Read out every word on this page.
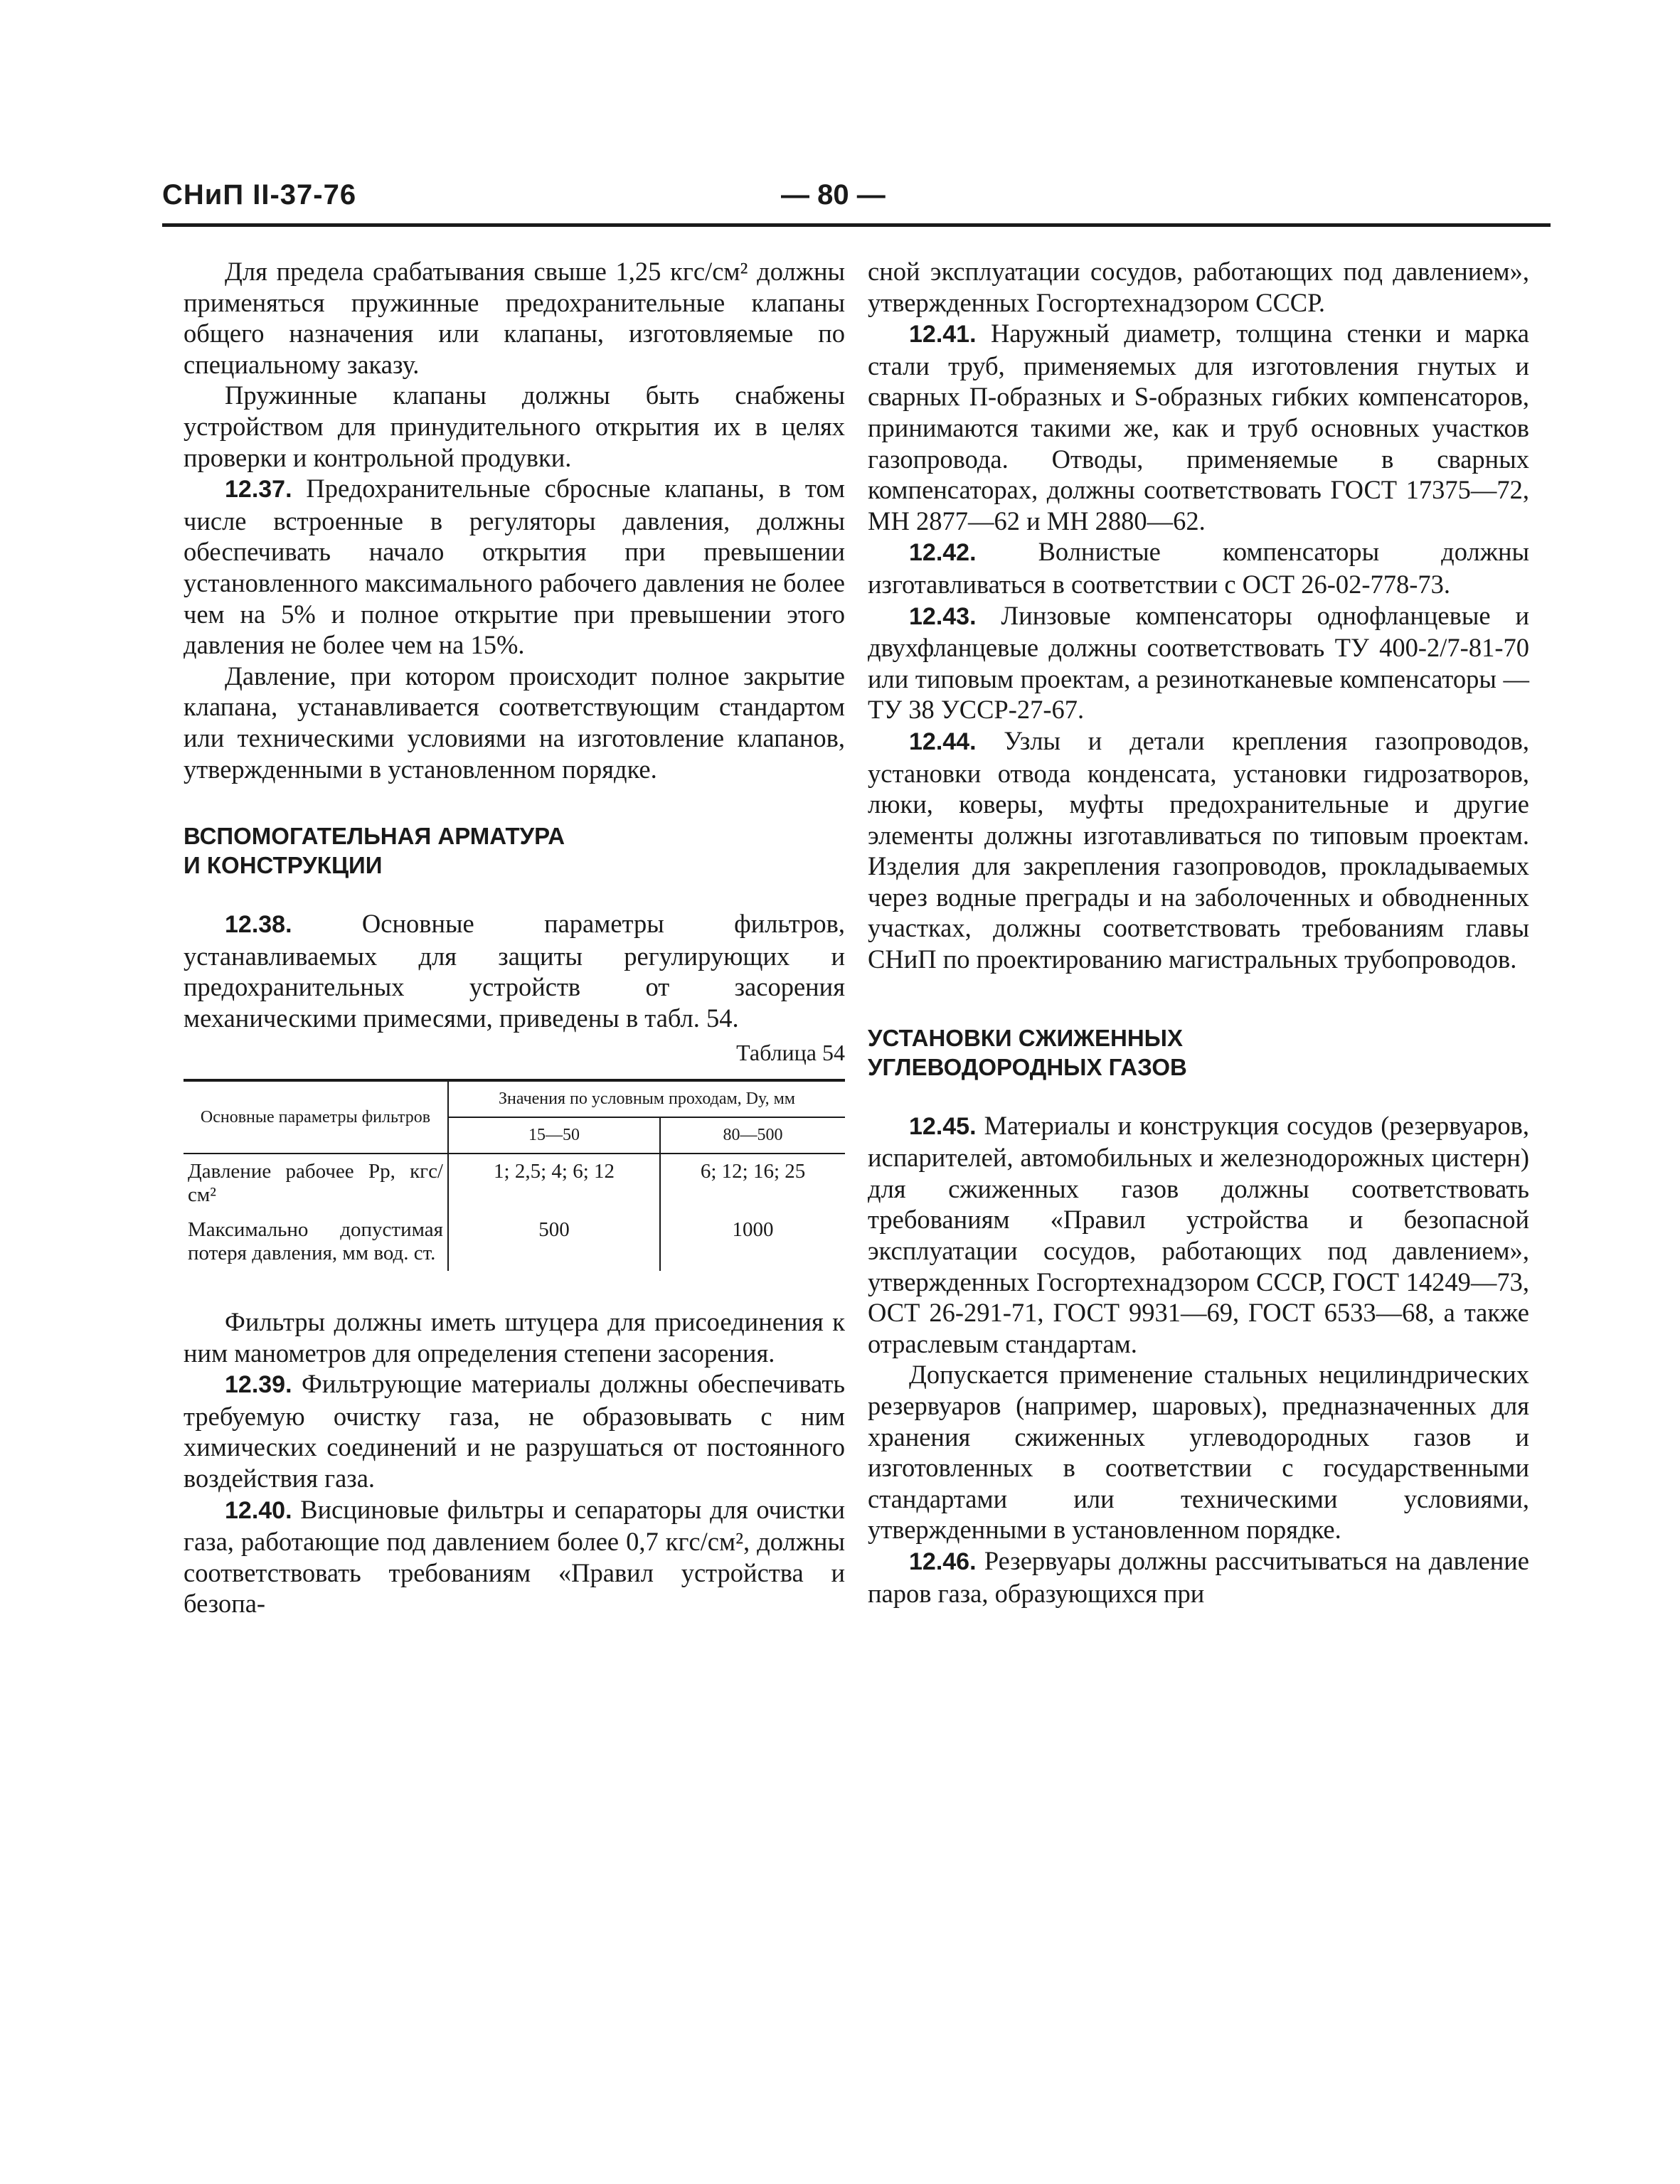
СНиП II-37-76	— 80 —

Для предела срабатывания свыше 1,25 кгс/см² должны применяться пружинные предохранительные клапаны общего назначения или клапаны, изготовляемые по специальному заказу.

Пружинные клапаны должны быть снабжены устройством для принудительного открытия их в целях проверки и контрольной продувки.

12.37. Предохранительные сбросные клапаны, в том числе встроенные в регуляторы давления, должны обеспечивать начало открытия при превышении установленного максимального рабочего давления не более чем на 5% и полное открытие при превышении этого давления не более чем на 15%.

Давление, при котором происходит полное закрытие клапана, устанавливается соответствующим стандартом или техническими условиями на изготовление клапанов, утвержденными в установленном порядке.

ВСПОМОГАТЕЛЬНАЯ АРМАТУРА
И КОНСТРУКЦИИ

12.38. Основные параметры фильтров, устанавливаемых для защиты регулирующих и предохранительных устройств от засорения механическими примесями, приведены в табл. 54.

Таблица 54
Основные параметры фильтров	Значения по условным проходам, Dу, мм	
	15—50	80—500
Давление рабочее Pр, кгс/см²	1; 2,5; 4; 6; 12	6; 12; 16; 25
Максимально допустимая потеря давления, мм вод. ст.	500	1000

Фильтры должны иметь штуцера для присоединения к ним манометров для определения степени засорения.

12.39. Фильтрующие материалы должны обеспечивать требуемую очистку газа, не образовывать с ним химических соединений и не разрушаться от постоянного воздействия газа.

12.40. Висциновые фильтры и сепараторы для очистки газа, работающие под давлением более 0,7 кгс/см², должны соответствовать требованиям «Правил устройства и безопа-

сной эксплуатации сосудов, работающих под давлением», утвержденных Госгортехнадзором СССР.

12.41. Наружный диаметр, толщина стенки и марка стали труб, применяемых для изготовления гнутых и сварных П-образных и S-образных гибких компенсаторов, принимаются такими же, как и труб основных участков газопровода. Отводы, применяемые в сварных компенсаторах, должны соответствовать ГОСТ 17375—72, МН 2877—62 и МН 2880—62.

12.42. Волнистые компенсаторы должны изготавливаться в соответствии с ОСТ 26-02-778-73.

12.43. Линзовые компенсаторы однофланцевые и двухфланцевые должны соответствовать ТУ 400-2/7-81-70 или типовым проектам, а резинотканевые компенсаторы — ТУ 38 УССР-27-67.

12.44. Узлы и детали крепления газопроводов, установки отвода конденсата, установки гидрозатворов, люки, коверы, муфты предохранительные и другие элементы должны изготавливаться по типовым проектам. Изделия для закрепления газопроводов, прокладываемых через водные преграды и на заболоченных и обводненных участках, должны соответствовать требованиям главы СНиП по проектированию магистральных трубопроводов.

УСТАНОВКИ СЖИЖЕННЫХ
УГЛЕВОДОРОДНЫХ ГАЗОВ

12.45. Материалы и конструкция сосудов (резервуаров, испарителей, автомобильных и железнодорожных цистерн) для сжиженных газов должны соответствовать требованиям «Правил устройства и безопасной эксплуатации сосудов, работающих под давлением», утвержденных Госгортехнадзором СССР, ГОСТ 14249—73, ОСТ 26-291-71, ГОСТ 9931—69, ГОСТ 6533—68, а также отраслевым стандартам.

Допускается применение стальных нецилиндрических резервуаров (например, шаровых), предназначенных для хранения сжиженных углеводородных газов и изготовленных в соответствии с государственными стандартами или техническими условиями, утвержденными в установленном порядке.

12.46. Резервуары должны рассчитываться на давление паров газа, образующихся при
